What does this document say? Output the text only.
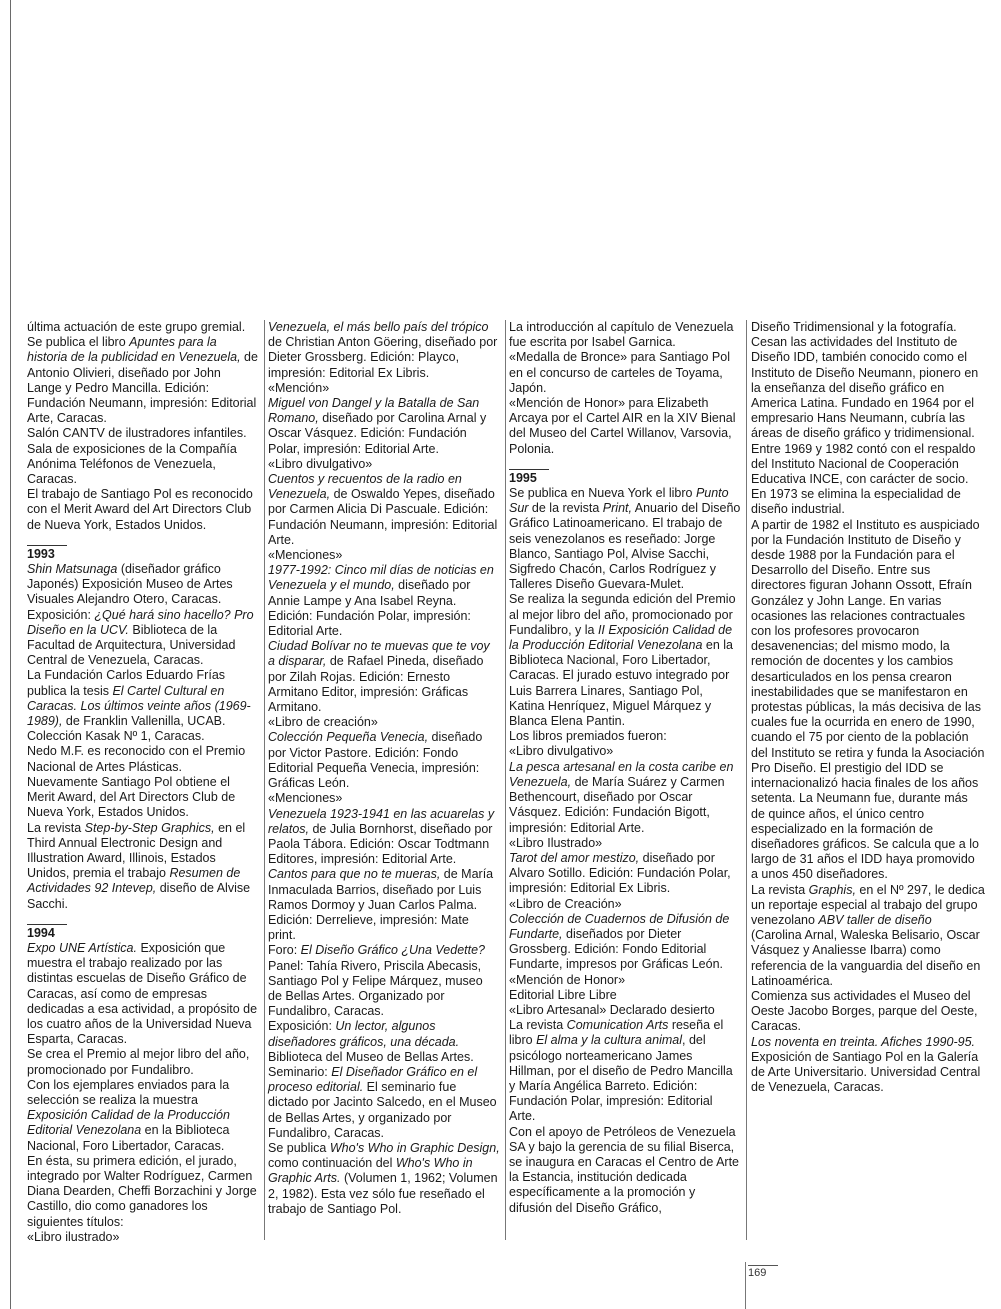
última actuación de este grupo gremial.

Se publica el libro Apuntes para la historia de la publicidad en Venezuela, de Antonio Olivieri, diseñado por John Lange y Pedro Mancilla. Edición: Fundación Neumann, impresión: Editorial Arte, Caracas.

Salón CANTV de ilustradores infantiles. Sala de exposiciones de la Compañía Anónima Teléfonos de Venezuela, Caracas.

El trabajo de Santiago Pol es reconocido con el Merit Award del Art Directors Club de Nueva York, Estados Unidos.

1993

Shin Matsunaga (diseñador gráfico Japonés) Exposición Museo de Artes Visuales Alejandro Otero, Caracas.

Exposición: ¿Qué hará sino hacello? Pro Diseño en la UCV. Biblioteca de la Facultad de Arquitectura, Universidad Central de Venezuela, Caracas.

La Fundación Carlos Eduardo Frías publica la tesis El Cartel Cultural en Caracas. Los últimos veinte años (1969-1989), de Franklin Vallenilla, UCAB. Colección Kasak Nº 1, Caracas.

Nedo M.F. es reconocido con el Premio Nacional de Artes Plásticas.

Nuevamente Santiago Pol obtiene el Merit Award, del Art Directors Club de Nueva York, Estados Unidos.

La revista Step-by-Step Graphics, en el Third Annual Electronic Design and Illustration Award, Illinois, Estados Unidos, premia el trabajo Resumen de Actividades 92 Intevep, diseño de Alvise Sacchi.

1994

Expo UNE Artística. Exposición que muestra el trabajo realizado por las distintas escuelas de Diseño Gráfico de Caracas, así como de empresas dedicadas a esa actividad, a propósito de los cuatro años de la Universidad Nueva Esparta, Caracas.

Se crea el Premio al mejor libro del año, promocionado por Fundalibro.

Con los ejemplares enviados para la selección se realiza la muestra Exposición Calidad de la Producción Editorial Venezolana en la Biblioteca Nacional, Foro Libertador, Caracas.

En ésta, su primera edición, el jurado, integrado por Walter Rodríguez, Carmen Diana Dearden, Cheffi Borzachini y Jorge Castillo, dio como ganadores los siguientes títulos:

«Libro ilustrado»

Venezuela, el más bello país del trópico de Christian Anton Göering, diseñado por Dieter Grossberg. Edición: Playco, impresión: Editorial Ex Libris.

«Mención»

Miguel von Dangel y la Batalla de San Romano, diseñado por Carolina Arnal y Oscar Vásquez. Edición: Fundación Polar, impresión: Editorial Arte.

«Libro divulgativo»

Cuentos y recuentos de la radio en Venezuela, de Oswaldo Yepes, diseñado por Carmen Alicia Di Pascuale. Edición: Fundación Neumann, impresión: Editorial Arte.

«Menciones»

1977-1992: Cinco mil días de noticias en Venezuela y el mundo, diseñado por Annie Lampe y Ana Isabel Reyna. Edición: Fundación Polar, impresión: Editorial Arte.

Ciudad Bolívar no te muevas que te voy a disparar, de Rafael Pineda, diseñado por Zilah Rojas. Edición: Ernesto Armitano Editor, impresión: Gráficas Armitano.

«Libro de creación»

Colección Pequeña Venecia, diseñado por Victor Pastore. Edición: Fondo Editorial Pequeña Venecia, impresión: Gráficas León.

«Menciones»

Venezuela 1923-1941 en las acuarelas y relatos, de Julia Bornhorst, diseñado por Paola Tábora. Edición: Oscar Todtmann Editores, impresión: Editorial Arte.

Cantos para que no te mueras, de María Inmaculada Barrios, diseñado por Luis Ramos Dormoy y Juan Carlos Palma. Edición: Derrelieve, impresión: Mate print.

Foro: El Diseño Gráfico ¿Una Vedette?

Panel: Tahía Rivero, Priscila Abecasis, Santiago Pol y Felipe Márquez, museo de Bellas Artes. Organizado por Fundalibro, Caracas.

Exposición: Un lector, algunos diseñadores gráficos, una década. Biblioteca del Museo de Bellas Artes.

Seminario: El Diseñador Gráfico en el proceso editorial. El seminario fue dictado por Jacinto Salcedo, en el Museo de Bellas Artes, y organizado por Fundalibro, Caracas.

Se publica Who's Who in Graphic Design, como continuación del Who's Who in Graphic Arts. (Volumen 1, 1962; Volumen 2, 1982). Esta vez sólo fue reseñado el trabajo de Santiago Pol.

La introducción al capítulo de Venezuela fue escrita por Isabel Garnica.

«Medalla de Bronce» para Santiago Pol en el concurso de carteles de Toyama, Japón.

«Mención de Honor» para Elizabeth Arcaya por el Cartel AIR en la XIV Bienal del Museo del Cartel Willanov, Varsovia, Polonia.

1995

Se publica en Nueva York el libro Punto Sur de la revista Print, Anuario del Diseño Gráfico Latinoamericano. El trabajo de seis venezolanos es reseñado: Jorge Blanco, Santiago Pol, Alvise Sacchi, Sigfredo Chacón, Carlos Rodríguez y Talleres Diseño Guevara-Mulet.

Se realiza la segunda edición del Premio al mejor libro del año, promocionado por Fundalibro, y la II Exposición Calidad de la Producción Editorial Venezolana en la Biblioteca Nacional, Foro Libertador, Caracas. El jurado estuvo integrado por Luis Barrera Linares, Santiago Pol, Katina Henríquez, Miguel Márquez y Blanca Elena Pantin.

Los libros premiados fueron:

«Libro divulgativo»

La pesca artesanal en la costa caribe en Venezuela, de María Suárez y Carmen Bethencourt, diseñado por Oscar Vásquez. Edición: Fundación Bigott, impresión: Editorial Arte.

«Libro Ilustrado»

Tarot del amor mestizo, diseñado por Alvaro Sotillo. Edición: Fundación Polar, impresión: Editorial Ex Libris.

«Libro de Creación»

Colección de Cuadernos de Difusión de Fundarte, diseñados por Dieter Grossberg. Edición: Fondo Editorial Fundarte, impresos por Gráficas León.

«Mención de Honor»

Editorial Libre Libre

«Libro Artesanal» Declarado desierto

La revista Comunication Arts reseña el libro El alma y la cultura animal, del psicólogo norteamericano James Hillman, por el diseño de Pedro Mancilla y María Angélica Barreto. Edición: Fundación Polar, impresión: Editorial Arte.

Con el apoyo de Petróleos de Venezuela SA y bajo la gerencia de su filial Biserca, se inaugura en Caracas el Centro de Arte la Estancia, institución dedicada específicamente a la promoción y difusión del Diseño Gráfico,

Diseño Tridimensional y la fotografía.

Cesan las actividades del Instituto de Diseño IDD, también conocido como el Instituto de Diseño Neumann, pionero en la enseñanza del diseño gráfico en America Latina. Fundado en 1964 por el empresario Hans Neumann, cubría las áreas de diseño gráfico y tridimensional. Entre 1969 y 1982 contó con el respaldo del Instituto Nacional de Cooperación Educativa INCE, con carácter de socio. En 1973 se elimina la especialidad de diseño industrial.

A partir de 1982 el Instituto es auspiciado por la Fundación Instituto de Diseño y desde 1988 por la Fundación para el Desarrollo del Diseño. Entre sus directores figuran Johann Ossott, Efraín González y John Lange. En varias ocasiones las relaciones contractuales con los profesores provocaron desavenencias; del mismo modo, la remoción de docentes y los cambios desarticulados en los pensa crearon inestabilidades que se manifestaron en protestas públicas, la más decisiva de las cuales fue la ocurrida en enero de 1990, cuando el 75 por ciento de la población del Instituto se retira y funda la Asociación Pro Diseño. El prestigio del IDD se internacionalizó hacia finales de los años setenta. La Neumann fue, durante más de quince años, el único centro especializado en la formación de diseñadores gráficos. Se calcula que a lo largo de 31 años el IDD haya promovido a unos 450 diseñadores.

La revista Graphis, en el Nº 297, le dedica un reportaje especial al trabajo del grupo venezolano ABV taller de diseño (Carolina Arnal, Waleska Belisario, Oscar Vásquez y Analiesse Ibarra) como referencia de la vanguardia del diseño en Latinoamérica.

Comienza sus actividades el Museo del Oeste Jacobo Borges, parque del Oeste, Caracas.

Los noventa en treinta. Afiches 1990-95.

Exposición de Santiago Pol en la Galería de Arte Universitario. Universidad Central de Venezuela, Caracas.

169
